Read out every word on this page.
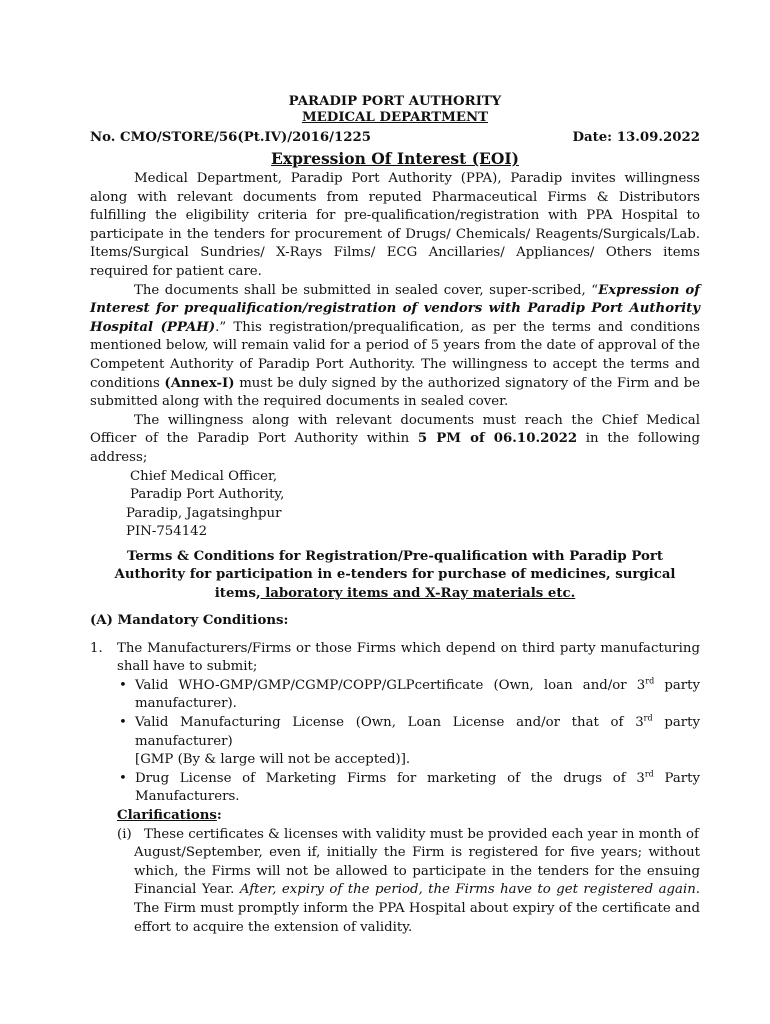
PARADIP PORT AUTHORITY
MEDICAL DEPARTMENT
No. CMO/STORE/56(Pt.IV)/2016/1225	Date: 13.09.2022
Expression Of Interest (EOI)

Medical Department, Paradip Port Authority (PPA), Paradip invites willingness along with relevant documents from reputed Pharmaceutical Firms & Distributors fulfilling the eligibility criteria for pre-qualification/registration with PPA Hospital to participate in the tenders for procurement of Drugs/ Chemicals/ Reagents/Surgicals/Lab. Items/Surgical Sundries/ X-Rays Films/ ECG Ancillaries/ Appliances/ Others items required for patient care.

The documents shall be submitted in sealed cover, super-scribed, “Expression of Interest for prequalification/registration of vendors with Paradip Port Authority Hospital (PPAH).” This registration/prequalification, as per the terms and conditions mentioned below, will remain valid for a period of 5 years from the date of approval of the Competent Authority of Paradip Port Authority. The willingness to accept the terms and conditions (Annex-I) must be duly signed by the authorized signatory of the Firm and be submitted along with the required documents in sealed cover.

The willingness along with relevant documents must reach the Chief Medical Officer of the Paradip Port Authority within 5 PM of 06.10.2022 in the following address;

Chief Medical Officer,
Paradip Port Authority,
Paradip, Jagatsinghpur
PIN-754142
Terms & Conditions for Registration/Pre-qualification with Paradip Port Authority for participation in e-tenders for purchase of medicines, surgical items, laboratory items and X-Ray materials etc.
(A) Mandatory Conditions:
1.	The Manufacturers/Firms or those Firms which depend on third party manufacturing shall have to submit;
• Valid WHO-GMP/GMP/CGMP/COPP/GLPcertificate (Own, loan and/or 3rd party manufacturer).
• Valid Manufacturing License (Own, Loan License and/or that of 3rd party manufacturer)
[GMP (By & large will not be accepted)].
• Drug License of Marketing Firms for marketing of the drugs of 3rd Party Manufacturers.
Clarifications:
(i) These certificates & licenses with validity must be provided each year in month of
August/September, even if, initially the Firm is registered for five years; without which, the Firms will not be allowed to participate in the tenders for the ensuing Financial Year. After, expiry of the period, the Firms have to get registered again. The Firm must promptly inform the PPA Hospital about expiry of the certificate and effort to acquire the extension of validity.
